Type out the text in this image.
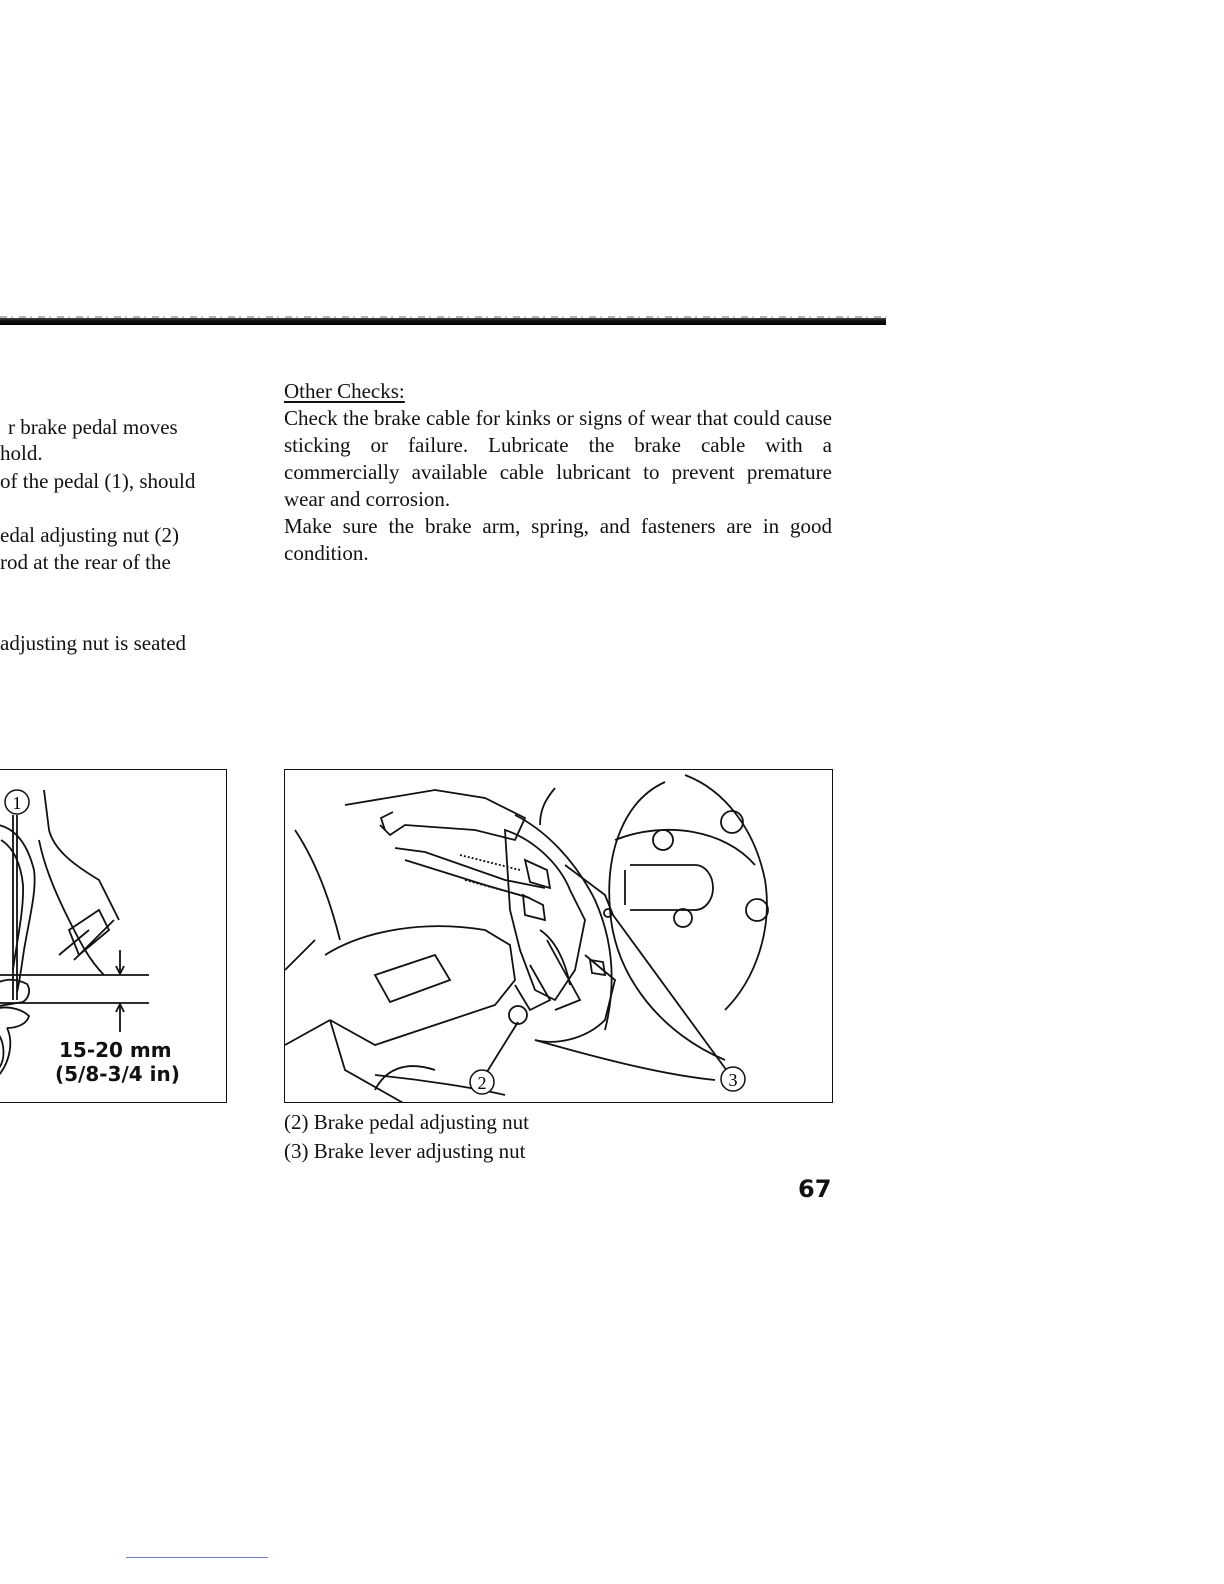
r brake pedal moves
hold.
of the pedal (1), should
edal adjusting nut (2)
rod at the rear of the
adjusting nut is seated
Other Checks:
Check the brake cable for kinks or signs of wear that could cause sticking or failure. Lubricate the brake cable with a commercially available cable lubricant to prevent premature wear and corrosion.
Make sure the brake arm, spring, and fasteners are in good condition.
1
15-20 mm
(5/8-3/4 in)	2	3
(2) Brake pedal adjusting nut
(3) Brake lever adjusting nut
67
